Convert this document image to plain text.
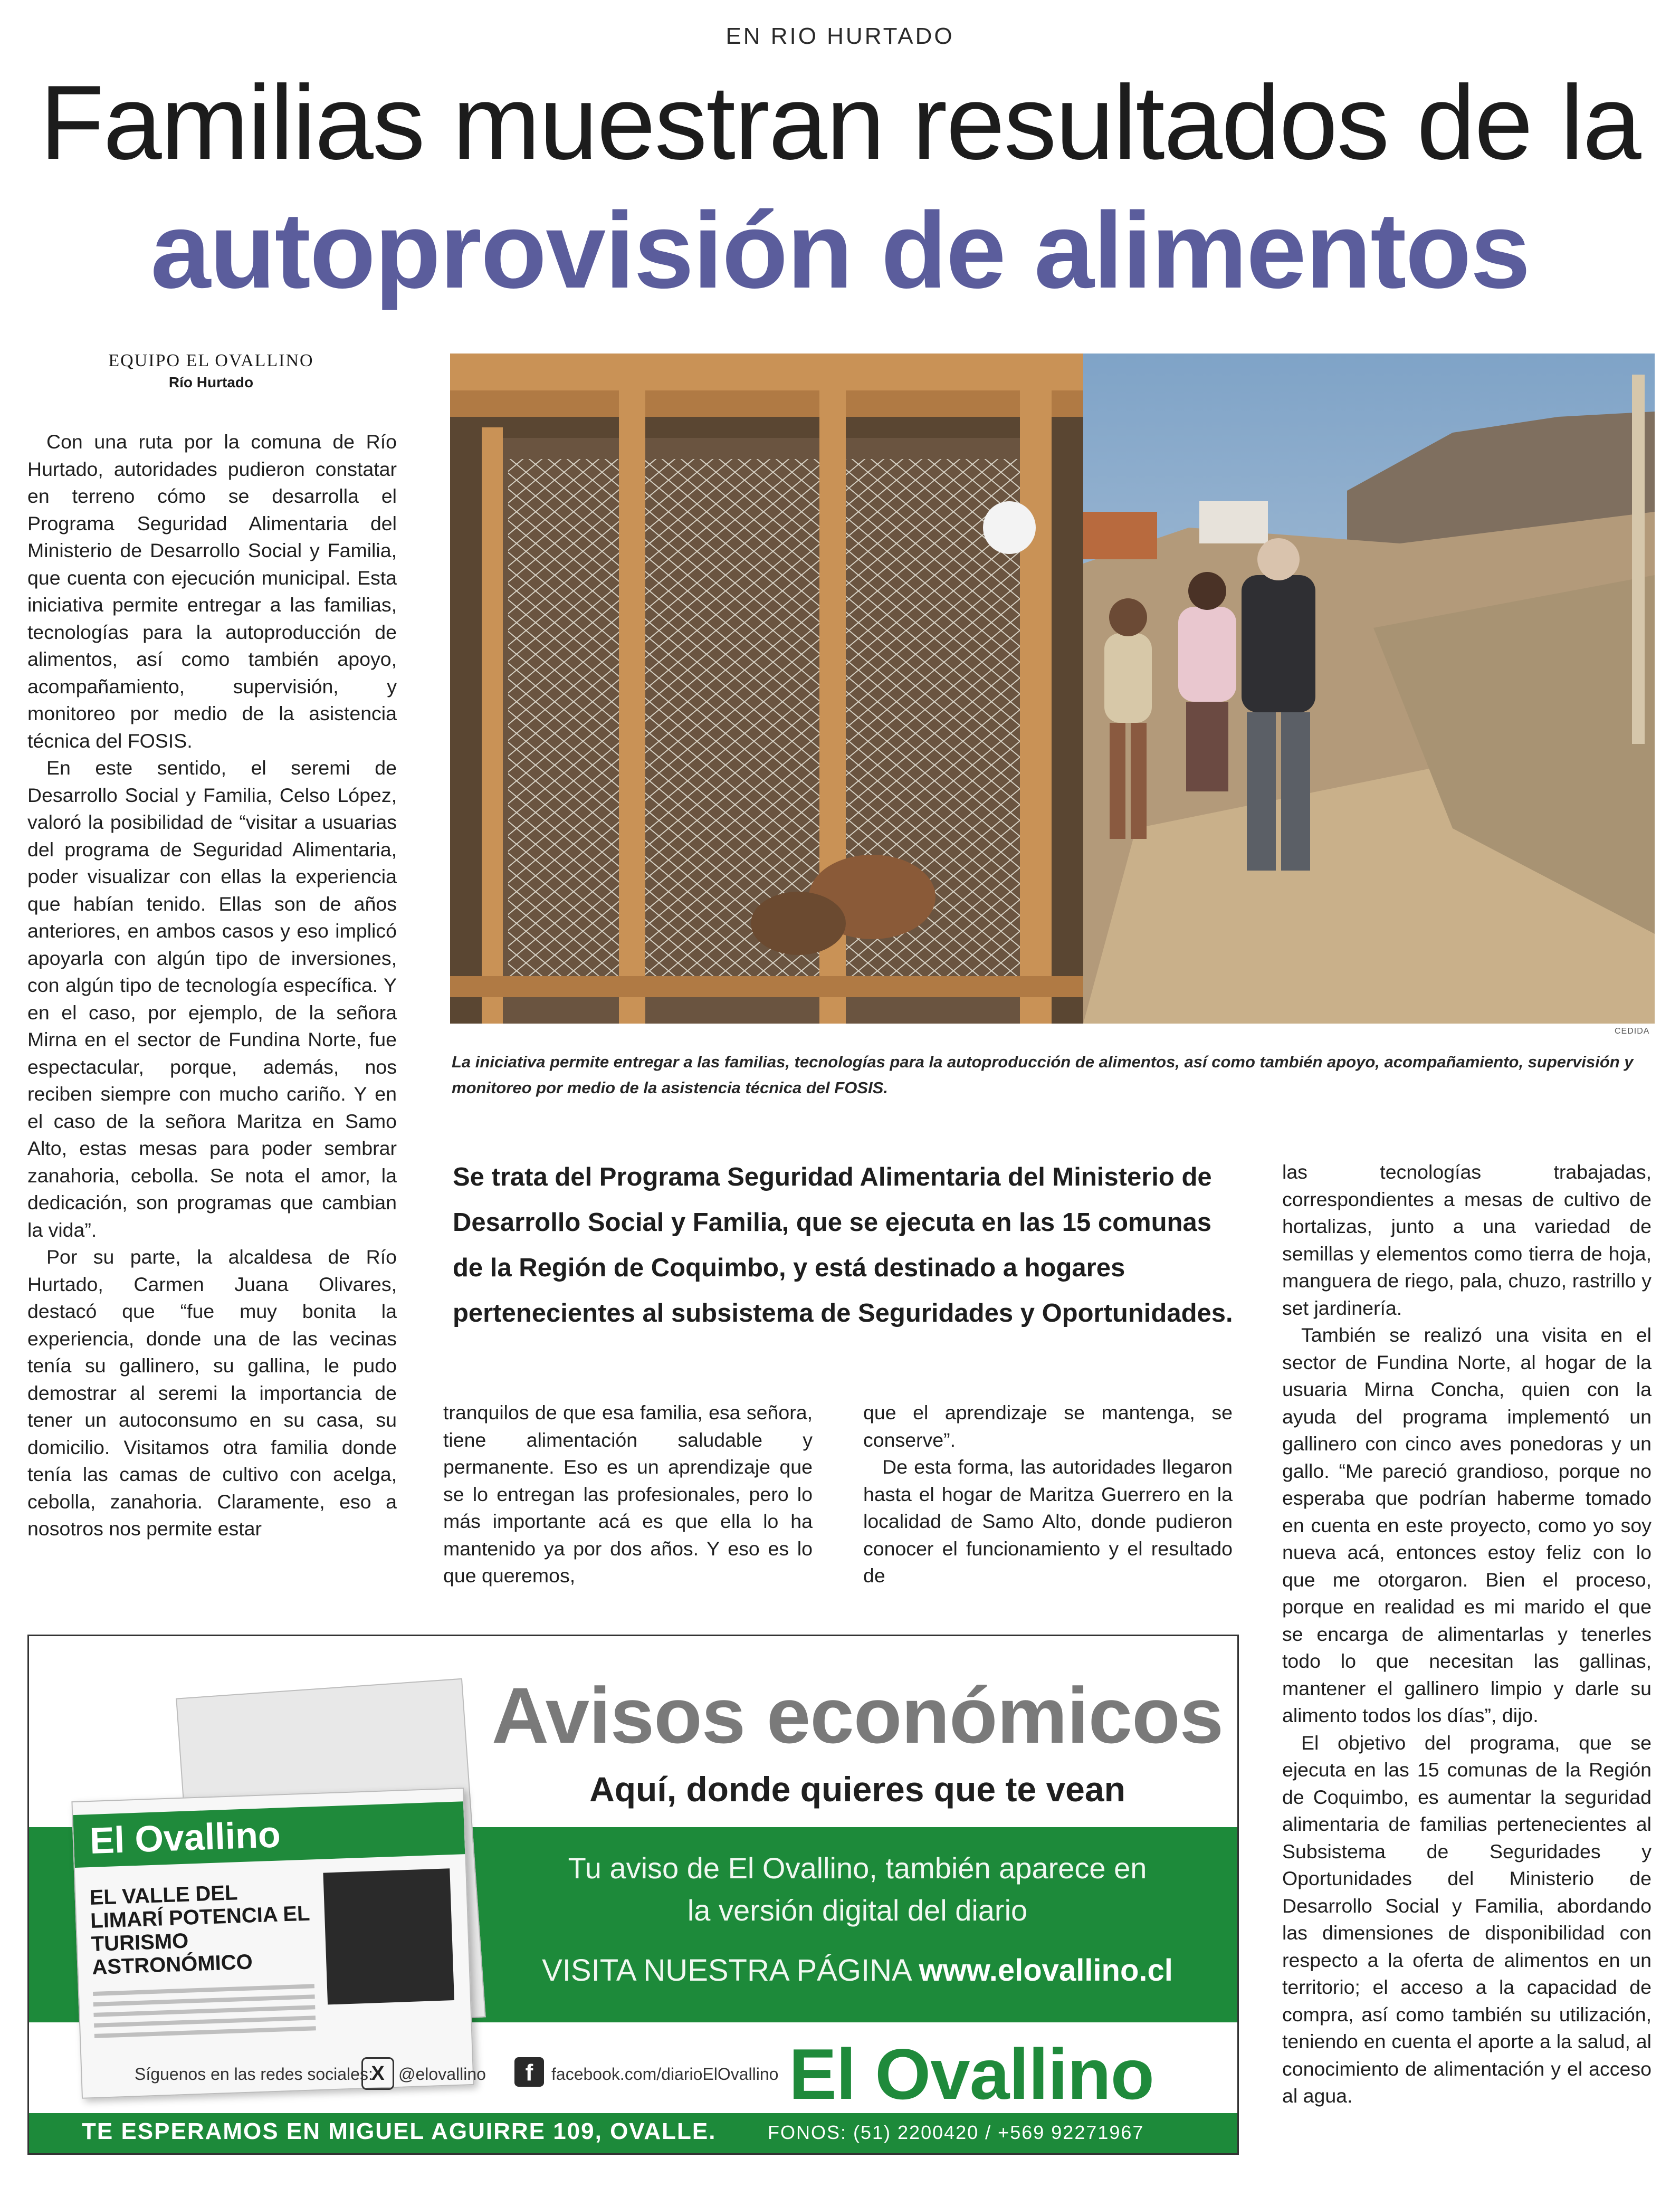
EN RIO HURTADO
Familias muestran resultados de la
autoprovisión de alimentos
EQUIPO EL OVALLINO
Río Hurtado

Con una ruta por la comuna de Río Hurtado, autoridades pudieron constatar en terreno cómo se desarrolla el Programa Seguridad Alimentaria del Ministerio de Desarrollo Social y Familia, que cuenta con ejecución municipal. Esta iniciativa permite entregar a las familias, tecnologías para la autoproducción de alimentos, así como también apoyo, acompañamiento, supervisión, y monitoreo por medio de la asistencia técnica del FOSIS.

En este sentido, el seremi de Desarrollo Social y Familia, Celso López, valoró la posibilidad de “visitar a usuarias del programa de Seguridad Alimentaria, poder visualizar con ellas la experiencia que habían tenido. Ellas son de años anteriores, en ambos casos y eso implicó apoyarla con algún tipo de inversiones, con algún tipo de tecnología específica. Y en el caso, por ejemplo, de la señora Mirna en el sector de Fundina Norte, fue espectacular, porque, además, nos reciben siempre con mucho cariño. Y en el caso de la señora Maritza en Samo Alto, estas mesas para poder sembrar zanahoria, cebolla. Se nota el amor, la dedicación, son programas que cambian la vida”.

Por su parte, la alcaldesa de Río Hurtado, Carmen Juana Olivares, destacó que “fue muy bonita la experiencia, donde una de las vecinas tenía su gallinero, su gallina, le pudo demostrar al seremi la importancia de tener un autoconsumo en su casa, su domicilio. Visitamos otra familia donde tenía las camas de cultivo con acelga, cebolla, zanahoria. Claramente, eso a nosotros nos permite estar

CEDIDA
La iniciativa permite entregar a las familias, tecnologías para la autoproducción de alimentos, así como también apoyo, acompañamiento, supervisión y monitoreo por medio de la asistencia técnica del FOSIS.
Se trata del Programa Seguridad Alimentaria del Ministerio de Desarrollo Social y Familia, que se ejecuta en las 15 comunas de la Región de Coquimbo, y está destinado a hogares pertenecientes al subsistema de Seguridades y Oportunidades.

tranquilos de que esa familia, esa señora, tiene alimentación saludable y permanente. Eso es un aprendizaje que se lo entregan las profesionales, pero lo más importante acá es que ella lo ha mantenido ya por dos años. Y eso es lo que queremos,

que el aprendizaje se mantenga, se conserve”.

De esta forma, las autoridades llegaron hasta el hogar de Maritza Guerrero en la localidad de Samo Alto, donde pudieron conocer el funcionamiento y el resultado de

las tecnologías trabajadas, correspondientes a mesas de cultivo de hortalizas, junto a una variedad de semillas y elementos como tierra de hoja, manguera de riego, pala, chuzo, rastrillo y set jardinería.

También se realizó una visita en el sector de Fundina Norte, al hogar de la usuaria Mirna Concha, quien con la ayuda del programa implementó un gallinero con cinco aves ponedoras y un gallo. “Me pareció grandioso, porque no esperaba que podrían haberme tomado en cuenta en este proyecto, como yo soy nueva acá, entonces estoy feliz con lo que me otorgaron. Bien el proceso, porque en realidad es mi marido el que se encarga de alimentarlas y tenerles todo lo que necesitan las gallinas, mantener el gallinero limpio y darle su alimento todos los días”, dijo.

El objetivo del programa, que se ejecuta en las 15 comunas de la Región de Coquimbo, es aumentar la seguridad alimentaria de familias pertenecientes al Subsistema de Seguridades y Oportunidades del Ministerio de Desarrollo Social y Familia, abordando las dimensiones de disponibilidad con respecto a la oferta de alimentos en un territorio; el acceso a la capacidad de compra, así como también su utilización, teniendo en cuenta el aporte a la salud, al conocimiento de alimentación y el acceso al agua.

El Ovallino
EL VALLE DEL LIMARÍ POTENCIA EL TURISMO ASTRONÓMICO
Avisos económicos
Aquí, donde quieres que te vean
Tu aviso de El Ovallino, también aparece en
la versión digital del diario
VISITA NUESTRA PÁGINA www.elovallino.cl
Síguenos en las redes sociales:
X @elovallino	f	facebook.com/diarioElOvallino El Ovallino
TE ESPERAMOS EN MIGUEL AGUIRRE 109, OVALLE.	FONOS: (51) 2200420 / +569 92271967
